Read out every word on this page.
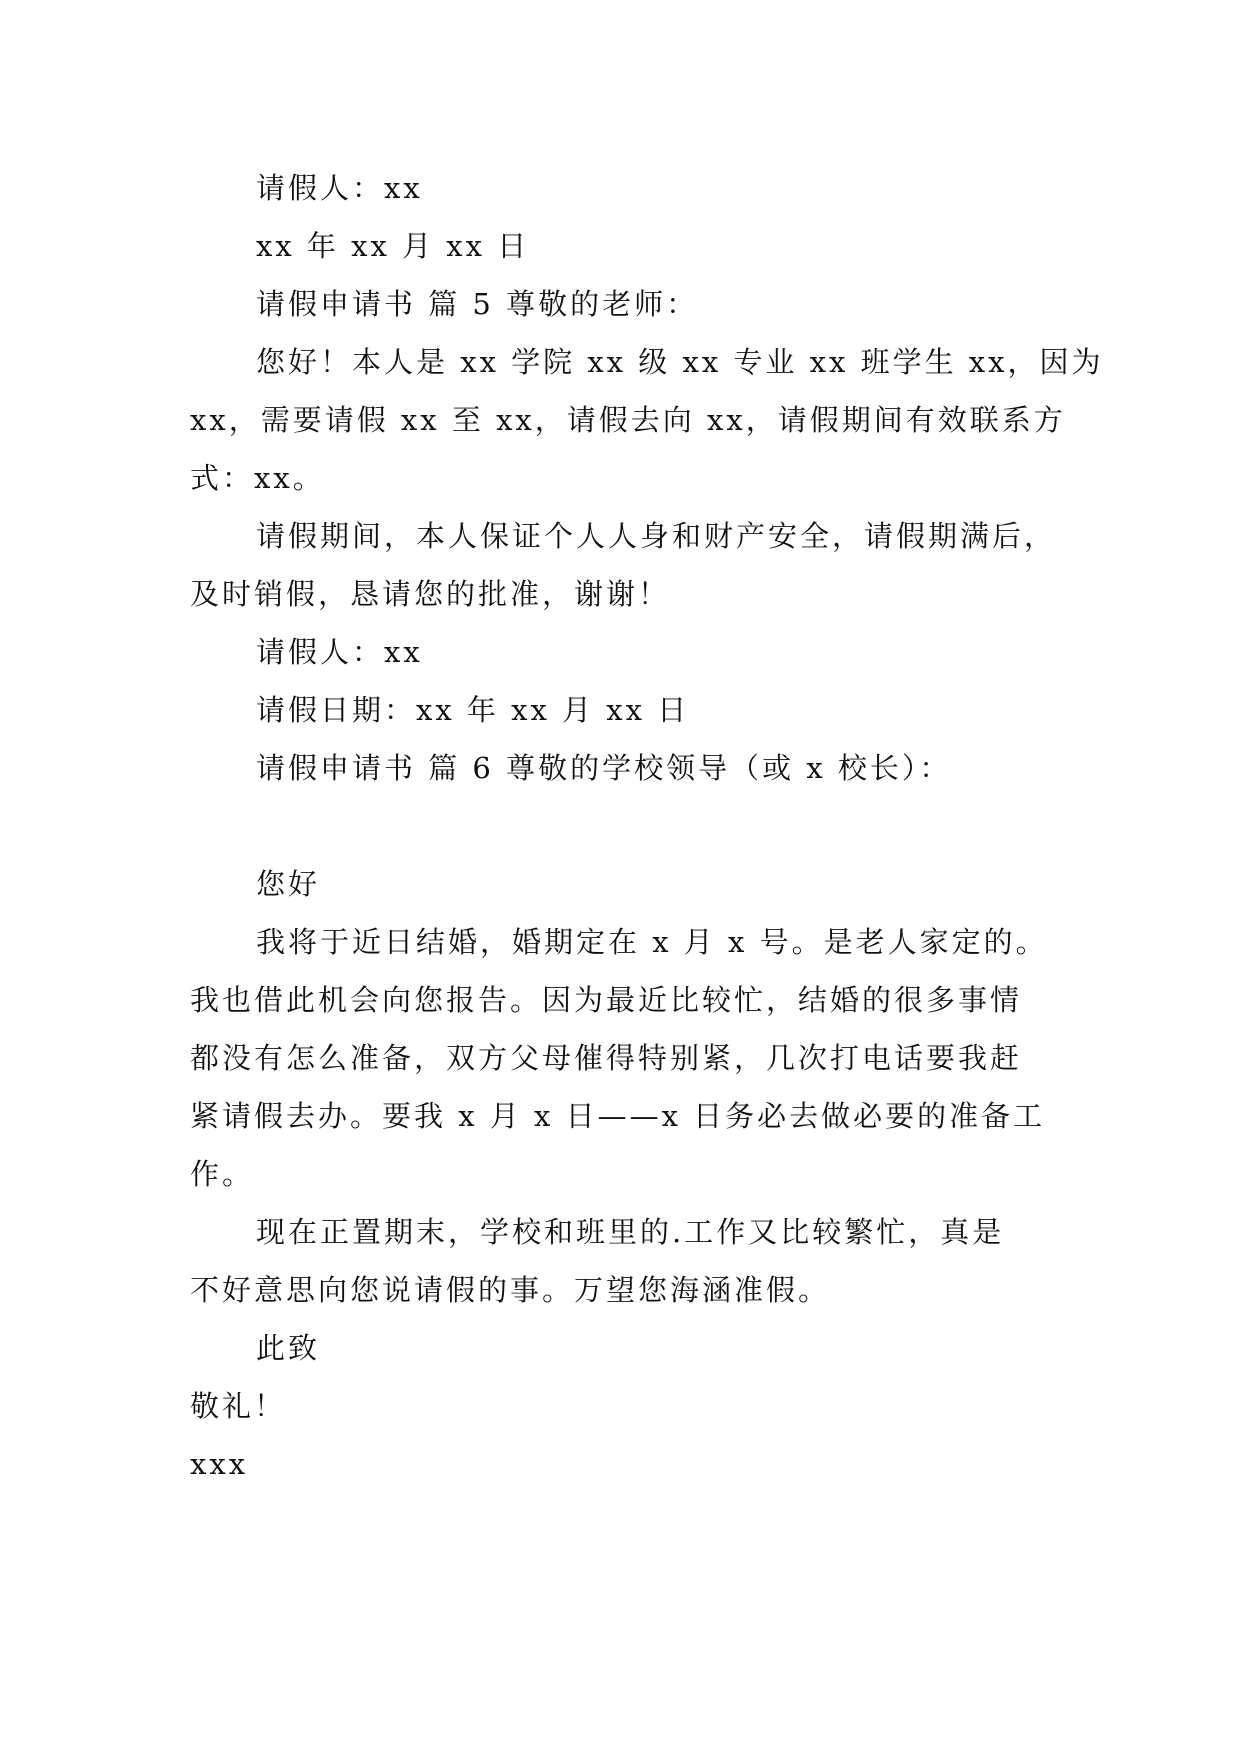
请假人：xx
xx 年 xx 月 xx 日
请假申请书 篇 5 尊敬的老师：
您好！本人是 xx 学院 xx 级 xx 专业 xx 班学生 xx，因为
xx，需要请假 xx 至 xx，请假去向 xx，请假期间有效联系方
式：xx。
请假期间，本人保证个人人身和财产安全，请假期满后，
及时销假，恳请您的批准，谢谢！
请假人：xx
请假日期：xx 年 xx 月 xx 日
请假申请书 篇 6 尊敬的学校领导（或 x 校长）：
您好
我将于近日结婚，婚期定在 x 月 x 号。是老人家定的。
我也借此机会向您报告。因为最近比较忙，结婚的很多事情
都没有怎么准备，双方父母催得特别紧，几次打电话要我赶
紧请假去办。要我 x 月 x 日——x 日务必去做必要的准备工
作。
现在正置期末，学校和班里的.工作又比较繁忙，真是
不好意思向您说请假的事。万望您海涵准假。
此致
敬礼！
xxx
